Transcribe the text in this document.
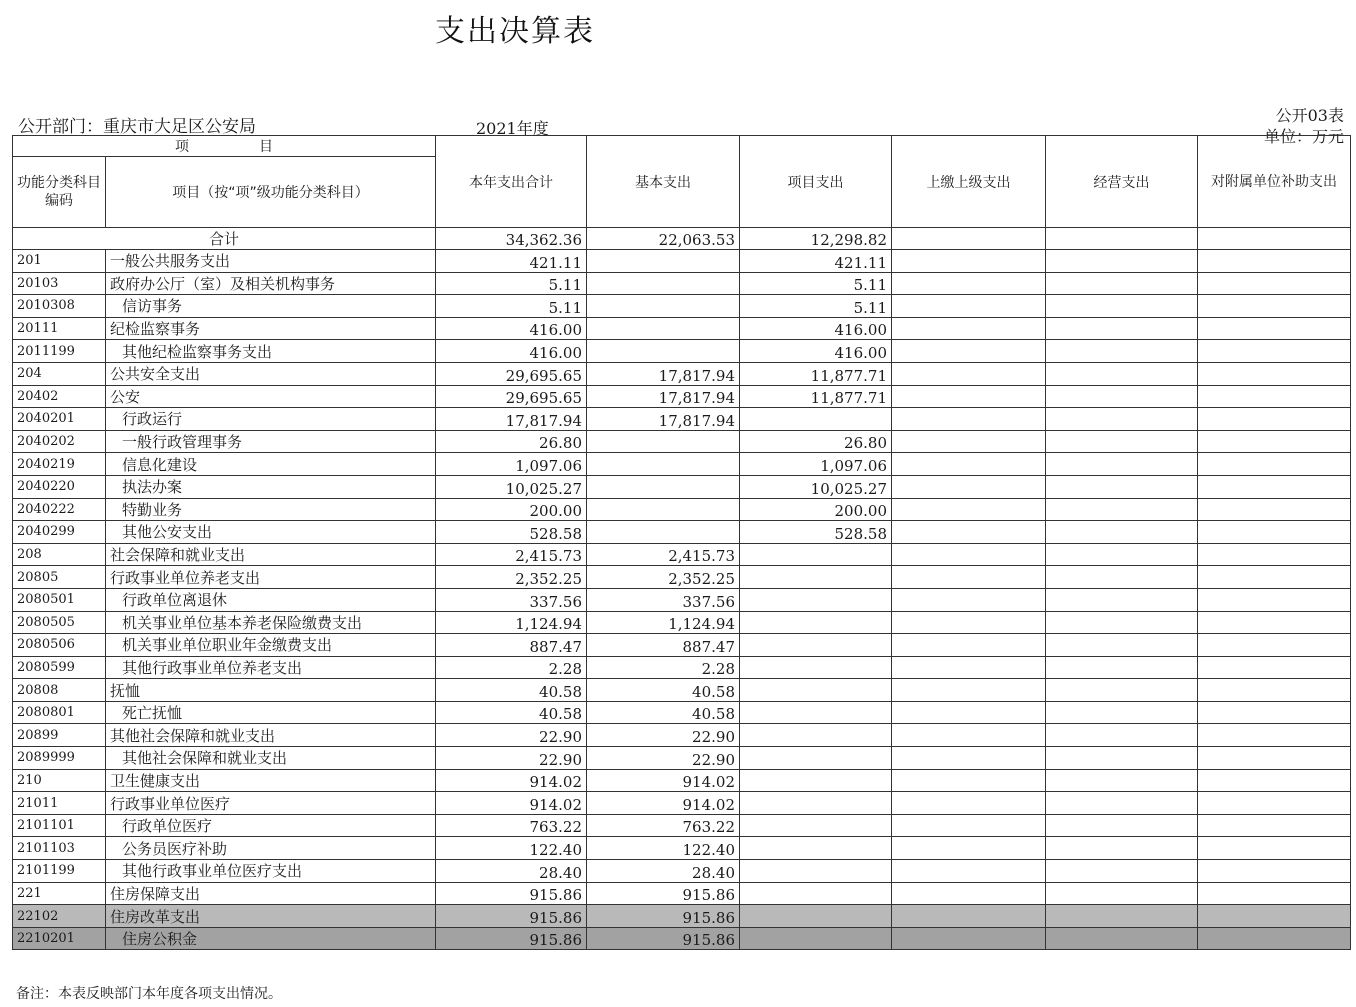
支出决算表
公开部门：重庆市大足区公安局	2021年度
公开03表
单位：万元
项　　　　　目		本年支出合计	基本支出	项目支出	上缴上级支出	经营支出	对附属单位补助支出
功能分类科目编码	项目（按“项”级功能分类科目）						
合计		34,362.36	22,063.53	12,298.82			
201	一般公共服务支出	421.11		421.11			
20103	政府办公厅（室）及相关机构事务	5.11		5.11			
2010308	信访事务	5.11		5.11			
20111	纪检监察事务	416.00		416.00			
2011199	其他纪检监察事务支出	416.00		416.00			
204	公共安全支出	29,695.65	17,817.94	11,877.71			
20402	公安	29,695.65	17,817.94	11,877.71			
2040201	行政运行	17,817.94	17,817.94				
2040202	一般行政管理事务	26.80		26.80			
2040219	信息化建设	1,097.06		1,097.06			
2040220	执法办案	10,025.27		10,025.27			
2040222	特勤业务	200.00		200.00			
2040299	其他公安支出	528.58		528.58			
208	社会保障和就业支出	2,415.73	2,415.73				
20805	行政事业单位养老支出	2,352.25	2,352.25				
2080501	行政单位离退休	337.56	337.56				
2080505	机关事业单位基本养老保险缴费支出	1,124.94	1,124.94				
2080506	机关事业单位职业年金缴费支出	887.47	887.47				
2080599	其他行政事业单位养老支出	2.28	2.28				
20808	抚恤	40.58	40.58				
2080801	死亡抚恤	40.58	40.58				
20899	其他社会保障和就业支出	22.90	22.90				
2089999	其他社会保障和就业支出	22.90	22.90				
210	卫生健康支出	914.02	914.02				
21011	行政事业单位医疗	914.02	914.02				
2101101	行政单位医疗	763.22	763.22				
2101103	公务员医疗补助	122.40	122.40				
2101199	其他行政事业单位医疗支出	28.40	28.40				
221	住房保障支出	915.86	915.86				
22102	住房改革支出	915.86	915.86				
2210201	住房公积金	915.86	915.86				
备注：本表反映部门本年度各项支出情况。
